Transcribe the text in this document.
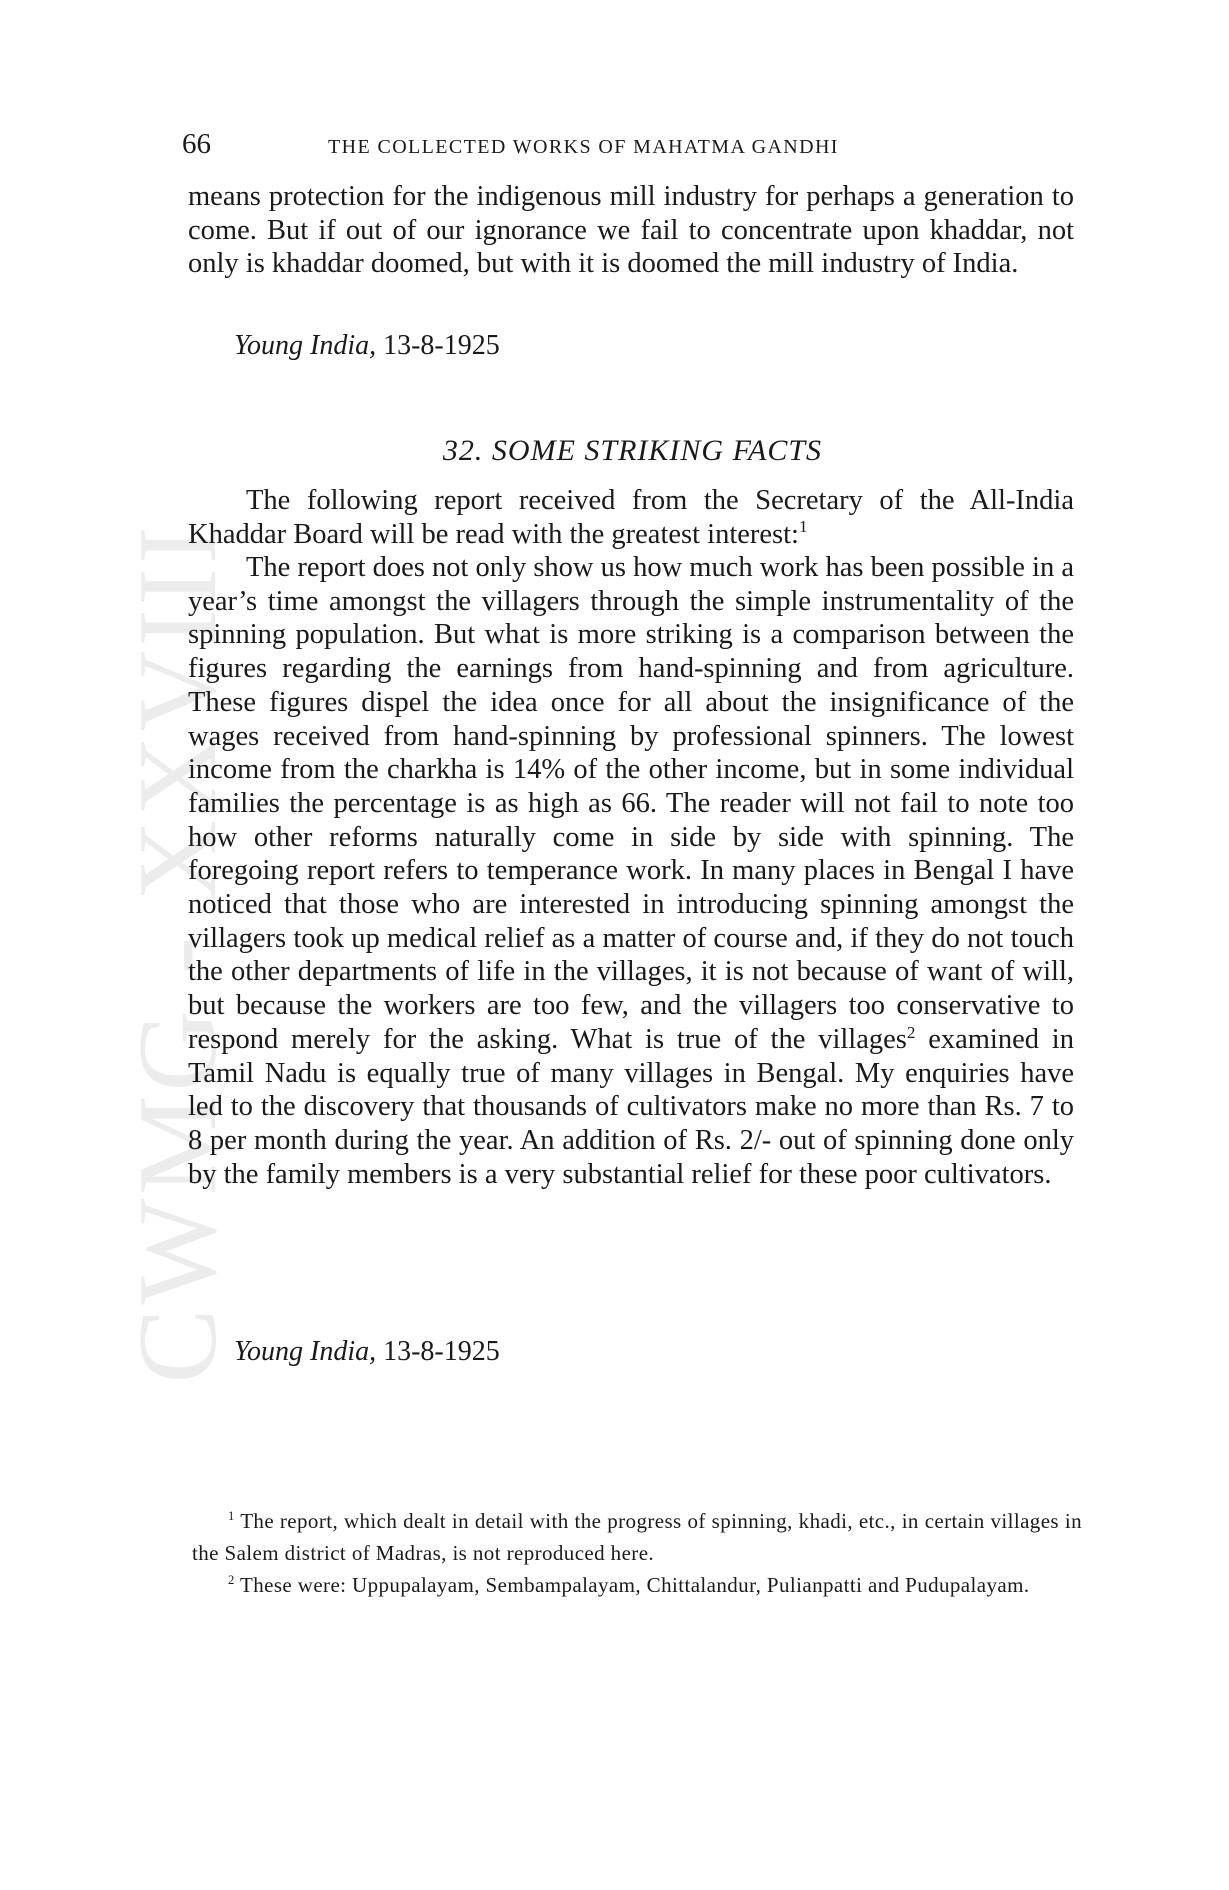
CWMG - XXVIII
66	THE COLLECTED WORKS OF MAHATMA GANDHI
means protection for the indigenous mill industry for perhaps a generation to come. But if out of our ignorance we fail to concentrate upon khaddar, not only is khaddar doomed, but with it is doomed the mill industry of India.
Young India, 13-8-1925
32. SOME STRIKING FACTS
The following report received from the Secretary of the All-India Khaddar Board will be read with the greatest interest:$^1$
The report does not only show us how much work has been possible in a year’s time amongst the villagers through the simple instrumentality of the spinning population. But what is more striking is a comparison between the figures regarding the earnings from hand-spinning and from agriculture. These figures dispel the idea once for all about the insignificance of the wages received from hand-spinning by professional spinners. The lowest income from the charkha is 14% of the other income, but in some individual families the percentage is as high as 66. The reader will not fail to note too how other reforms naturally come in side by side with spinning. The foregoing report refers to temperance work. In many places in Bengal I have noticed that those who are interested in introducing spinning amongst the villagers took up medical relief as a matter of course and, if they do not touch the other departments of life in the villages, it is not because of want of will, but because the workers are too few, and the villagers too conservative to respond merely for the asking. What is true of the villages$^2$ examined in Tamil Nadu is equally true of many villages in Bengal. My enquiries have led to the discovery that thousands of cultivators make no more than Rs. 7 to 8 per month during the year. An addition of Rs. 2/- out of spinning done only by the family members is a very substantial relief for these poor cultivators.
Young India, 13-8-1925

$^1$ The report, which dealt in detail with the progress of spinning, khadi, etc., in certain villages in the Salem district of Madras, is not reproduced here.

$^2$ These were: Uppupalayam, Sembampalayam, Chittalandur, Pulianpatti and Pudupalayam.
